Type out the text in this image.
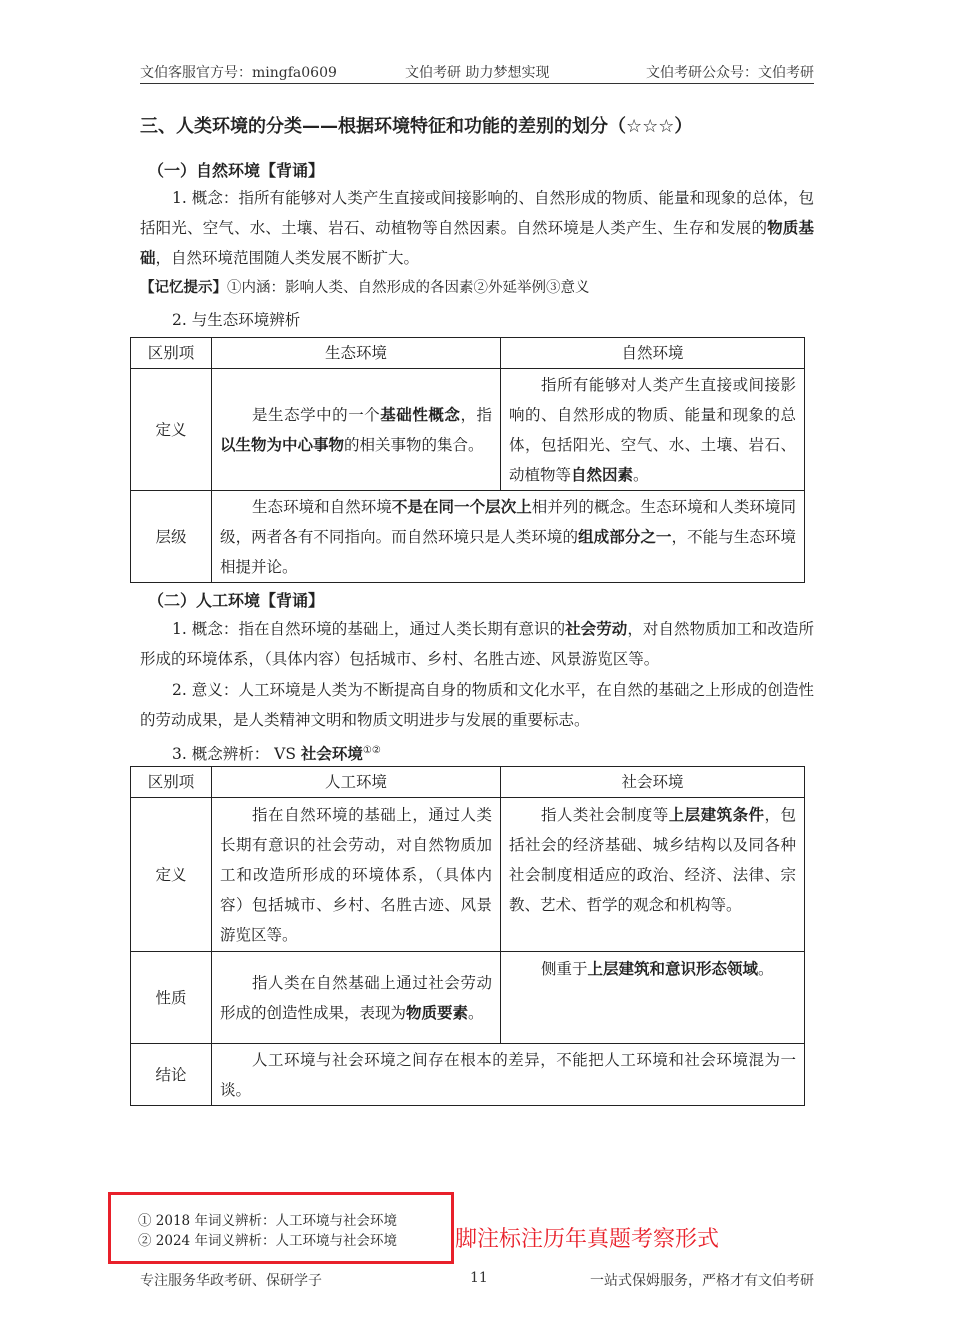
文伯客服官方号：mingfa0609	文伯考研 助力梦想实现	文伯考研公众号：文伯考研
三、人类环境的分类——根据环境特征和功能的差别的划分（☆☆☆）
（一）自然环境【背诵】
1. 概念：指所有能够对人类产生直接或间接影响的、自然形成的物质、能量和现象的总体，包括阳光、空气、水、土壤、岩石、动植物等自然因素。自然环境是人类产生、生存和发展的物质基础，自然环境范围随人类发展不断扩大。
【记忆提示】①内涵：影响人类、自然形成的各因素②外延举例③意义
2. 与生态环境辨析
区别项	生态环境	自然环境
定义	是生态学中的一个基础性概念，指以生物为中心事物的相关事物的集合。	指所有能够对人类产生直接或间接影响的、自然形成的物质、能量和现象的总体，包括阳光、空气、水、土壤、岩石、动植物等自然因素。
层级	生态环境和自然环境不是在同一个层次上相并列的概念。生态环境和人类环境同级，两者各有不同指向。而自然环境只是人类环境的组成部分之一，不能与生态环境相提并论。	
（二）人工环境【背诵】
1. 概念：指在自然环境的基础上，通过人类长期有意识的社会劳动，对自然物质加工和改造所形成的环境体系，（具体内容）包括城市、乡村、名胜古迹、风景游览区等。
2. 意义：人工环境是人类为不断提高自身的物质和文化水平，在自然的基础之上形成的创造性的劳动成果，是人类精神文明和物质文明进步与发展的重要标志。
3. 概念辨析： VS 社会环境①②
区别项	人工环境	社会环境
定义	指在自然环境的基础上，通过人类长期有意识的社会劳动，对自然物质加工和改造所形成的环境体系，（具体内容）包括城市、乡村、名胜古迹、风景游览区等。	指人类社会制度等上层建筑条件，包括社会的经济基础、城乡结构以及同各种社会制度相适应的政治、经济、法律、宗教、艺术、哲学的观念和机构等。
性质	指人类在自然基础上通过社会劳动形成的创造性成果，表现为物质要素。	侧重于上层建筑和意识形态领域。
结论	人工环境与社会环境之间存在根本的差异，不能把人工环境和社会环境混为一谈。	
① 2018 年词义辨析：人工环境与社会环境
② 2024 年词义辨析：人工环境与社会环境	脚注标注历年真题考察形式
专注服务华政考研、保研学子	11	一站式保姆服务，严格才有文伯考研
